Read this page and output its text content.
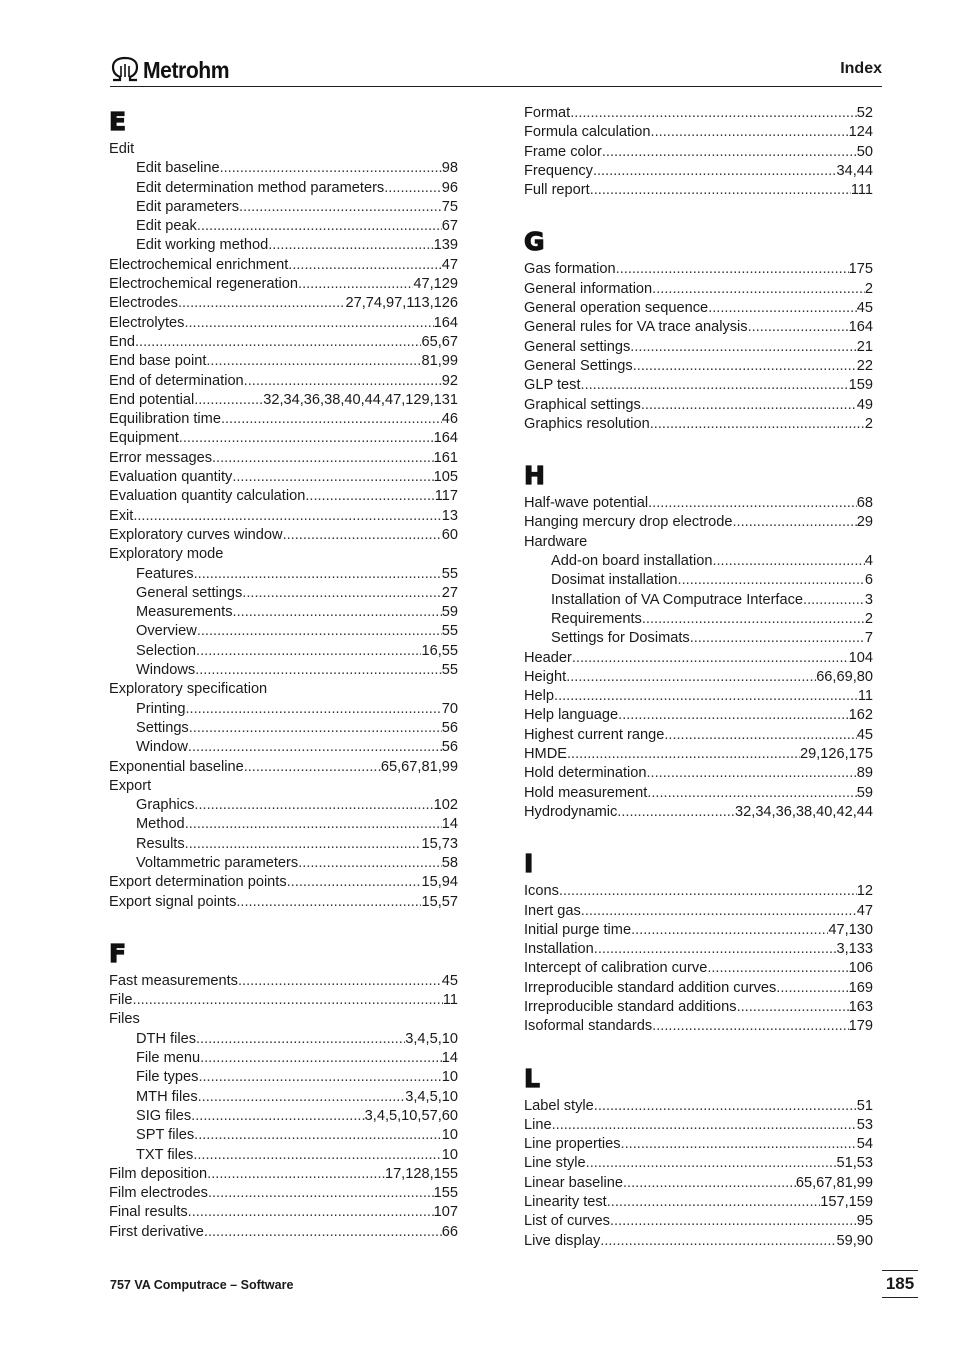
Metrohm	Index
E
Edit
Edit baseline .....	98
Edit determination method parameters .....	96
Edit parameters .....	75
Edit peak .....	67
Edit working method .....	139
Electrochemical enrichment .....	47
Electrochemical regeneration .....	47,129
Electrodes .....	27,74,97,113,126
Electrolytes .....	164
End .....	65,67
End base point .....	81,99
End of determination .....	92
End potential .....	32,34,36,38,40,44,47,129,131
Equilibration time .....	46
Equipment .....	164
Error messages .....	161
Evaluation quantity .....	105
Evaluation quantity calculation .....	117
Exit .....	13
Exploratory curves window .....	60
Exploratory mode
Features .....	55
General settings .....	27
Measurements .....	59
Overview .....	55
Selection .....	16,55
Windows .....	55
Exploratory specification
Printing .....	70
Settings .....	56
Window .....	56
Exponential baseline .....	65,67,81,99
Export
Graphics .....	102
Method .....	14
Results .....	15,73
Voltammetric parameters .....	58
Export determination points .....	15,94
Export signal points .....	15,57
F
Fast measurements .....	45
File .....	11
Files
DTH files .....	3,4,5,10
File menu .....	14
File types .....	10
MTH files .....	3,4,5,10
SIG files .....	3,4,5,10,57,60
SPT files .....	10
TXT files .....	10
Film deposition .....	17,128,155
Film electrodes .....	155
Final results .....	107
First derivative .....	66
Format .....	52
Formula calculation .....	124
Frame color .....	50
Frequency .....	34,44
Full report .....	111
G
Gas formation .....	175
General information .....	2
General operation sequence .....	45
General rules for VA trace analysis .....	164
General settings .....	21
General Settings .....	22
GLP test .....	159
Graphical settings .....	49
Graphics resolution .....	2
H
Half-wave potential .....	68
Hanging mercury drop electrode .....	29
Hardware
Add-on board installation .....	4
Dosimat installation .....	6
Installation of VA Computrace Interface .....	3
Requirements .....	2
Settings for Dosimats .....	7
Header .....	104
Height .....	66,69,80
Help .....	11
Help language .....	162
Highest current range .....	45
HMDE .....	29,126,175
Hold determination .....	89
Hold measurement .....	59
Hydrodynamic .....	32,34,36,38,40,42,44
I
Icons .....	12
Inert gas .....	47
Initial purge time .....	47,130
Installation .....	3,133
Intercept of calibration curve .....	106
Irreproducible standard addition curves .....	169
Irreproducible standard additions .....	163
Isoformal standards .....	179
L
Label style .....	51
Line .....	53
Line properties .....	54
Line style .....	51,53
Linear baseline .....	65,67,81,99
Linearity test .....	157,159
List of curves .....	95
Live display .....	59,90
757 VA Computrace – Software	185
